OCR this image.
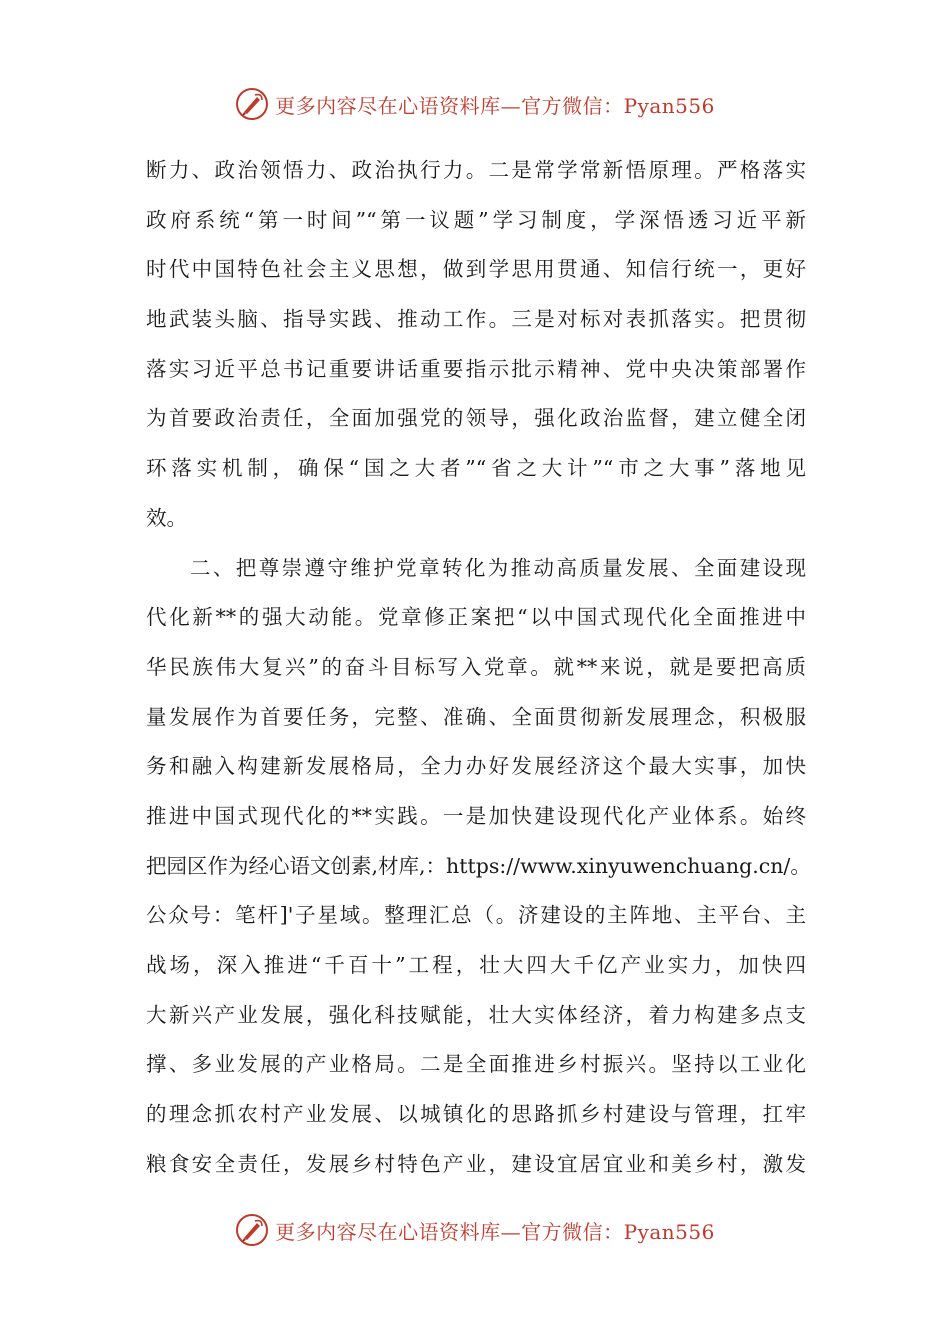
更多内容尽在心语资料库—官方微信：Pyan556
断力、政治领悟力、政治执行力。二是常学常新悟原理。严格落实
政府系统“第一时间”“第一议题”学习制度，学深悟透习近平新
时代中国特色社会主义思想，做到学思用贯通、知信行统一，更好
地武装头脑、指导实践、推动工作。三是对标对表抓落实。把贯彻
落实习近平总书记重要讲话重要指示批示精神、党中央决策部署作
为首要政治责任，全面加强党的领导，强化政治监督，建立健全闭
环落实机制，确保“国之大者”“省之大计”“市之大事”落地见
效。
二、把尊崇遵守维护党章转化为推动高质量发展、全面建设现
代化新**的强大动能。党章修正案把“以中国式现代化全面推进中
华民族伟大复兴”的奋斗目标写入党章。就**来说，就是要把高质
量发展作为首要任务，完整、准确、全面贯彻新发展理念，积极服
务和融入构建新发展格局，全力办好发展经济这个最大实事，加快
推进中国式现代化的**实践。一是加快建设现代化产业体系。始终
把园区作为经心语文创素,材库,：https://www.xinyuwenchuang.cn/。
公众号：笔杆]'子星域。整理汇总（。济建设的主阵地、主平台、主
战场，深入推进“千百十”工程，壮大四大千亿产业实力，加快四
大新兴产业发展，强化科技赋能，壮大实体经济，着力构建多点支
撑、多业发展的产业格局。二是全面推进乡村振兴。坚持以工业化
的理念抓农村产业发展、以城镇化的思路抓乡村建设与管理，扛牢
粮食安全责任，发展乡村特色产业，建设宜居宜业和美乡村，激发
更多内容尽在心语资料库—官方微信：Pyan556
